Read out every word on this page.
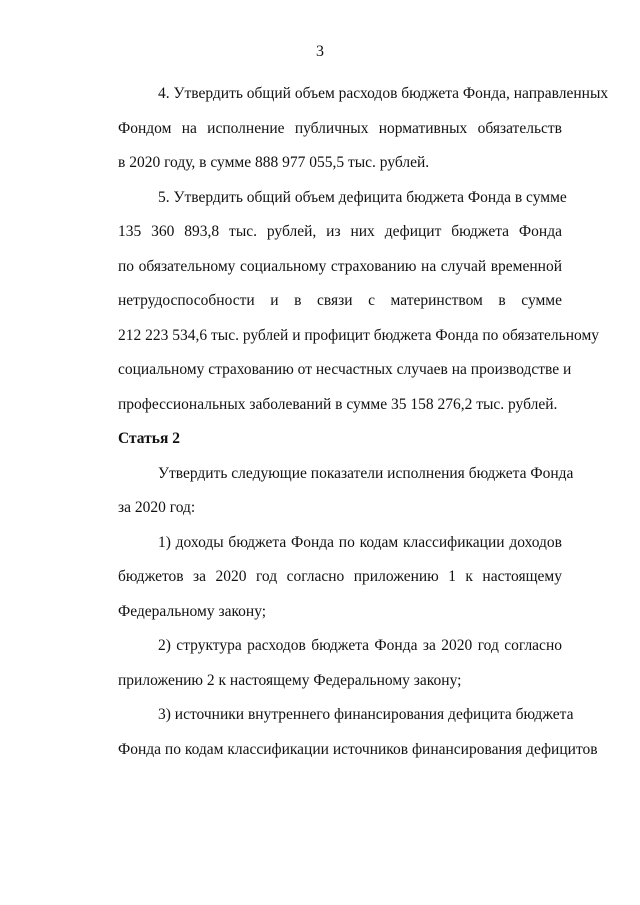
3
4. Утвердить общий объем расходов бюджета Фонда, направленных
Фондом на исполнение публичных нормативных обязательств
в 2020 году, в сумме 888 977 055,5 тыс. рублей.
5. Утвердить общий объем дефицита бюджета Фонда в сумме
135 360 893,8 тыс. рублей, из них дефицит бюджета Фонда
по обязательному социальному страхованию на случай временной
нетрудоспособности и в связи с материнством в сумме
212 223 534,6 тыс. рублей и профицит бюджета Фонда по обязательному
социальному страхованию от несчастных случаев на производстве и
профессиональных заболеваний в сумме 35 158 276,2 тыс. рублей.
Статья 2
Утвердить следующие показатели исполнения бюджета Фонда
за 2020 год:
1) доходы бюджета Фонда по кодам классификации доходов
бюджетов за 2020 год согласно приложению 1 к настоящему
Федеральному закону;
2) структура расходов бюджета Фонда за 2020 год согласно
приложению 2 к настоящему Федеральному закону;
3) источники внутреннего финансирования дефицита бюджета
Фонда по кодам классификации источников финансирования дефицитов
